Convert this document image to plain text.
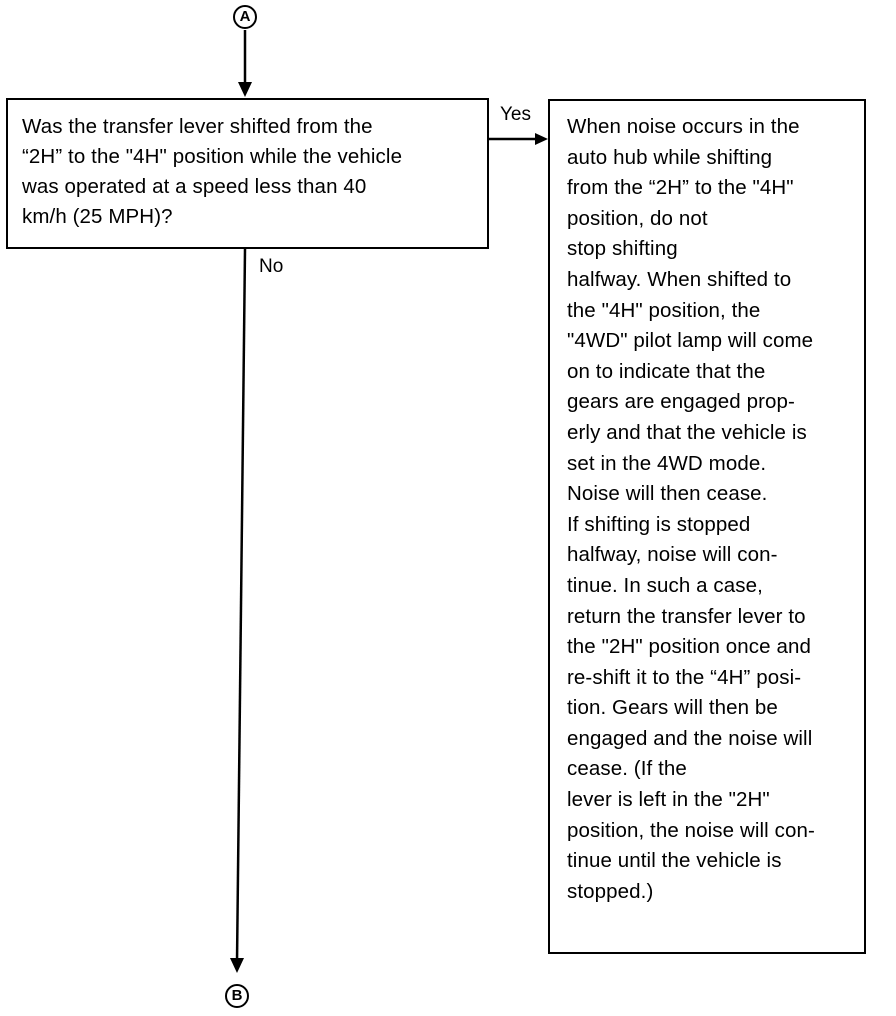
A

Was the transfer lever shifted from the
“2H” to the "4H" position while the vehicle
was operated at a speed less than 40
km/h (25 MPH)?

Yes
No

When noise occurs in the
auto hub while shifting
from the “2H” to the "4H"
position, do not
stop shifting
halfway. When shifted to
the "4H" position, the
"4WD" pilot lamp will come
on to indicate that the
gears are engaged prop-
erly and that the vehicle is
set in the 4WD mode.
Noise will then cease.
If shifting is stopped
halfway, noise will con-
tinue. In such a case,
return the transfer lever to
the "2H" position once and
re-shift it to the “4H” posi-
tion. Gears will then be
engaged and the noise will
cease. (If the
lever is left in the "2H"
position, the noise will con-
tinue until the vehicle is
stopped.)

B
